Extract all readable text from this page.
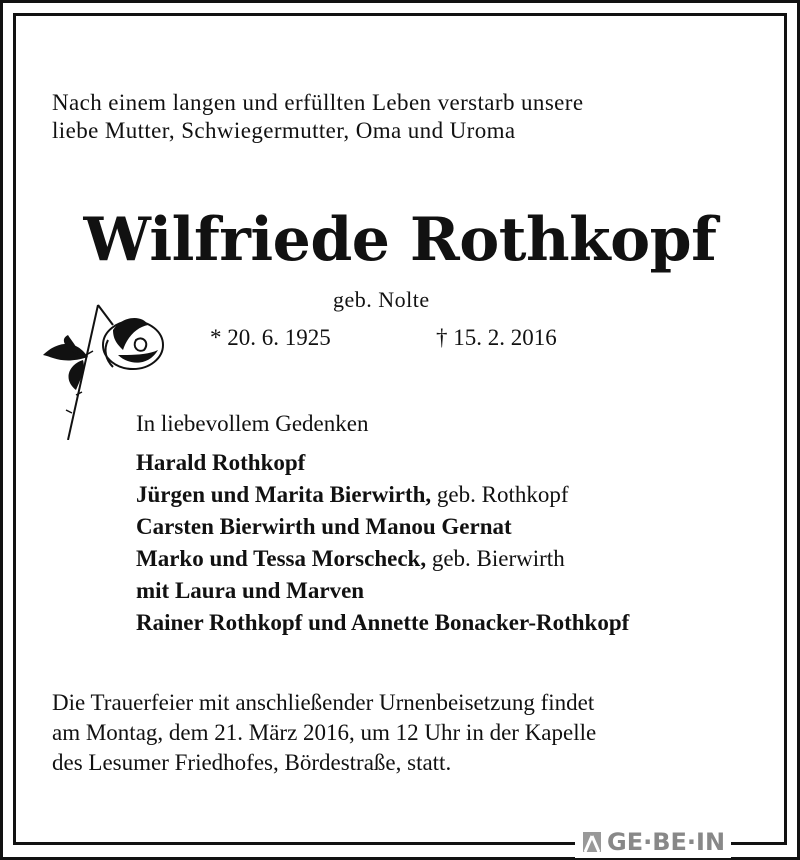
Nach einem langen und erfüllten Leben verstarb unsere
liebe Mutter, Schwiegermutter, Oma und Uroma
Wilfriede Rothkopf
geb. Nolte
* 20. 6. 1925	† 15. 2. 2016
In liebevollem Gedenken
Harald Rothkopf
Jürgen und Marita Bierwirth, geb. Rothkopf
Carsten Bierwirth und Manou Gernat
Marko und Tessa Morscheck, geb. Bierwirth
mit Laura und Marven
Rainer Rothkopf und Annette Bonacker-Rothkopf
Die Trauerfeier mit anschließender Urnenbeisetzung findet
am Montag, dem 21. März 2016, um 12 Uhr in der Kapelle
des Lesumer Friedhofes, Bördestraße, statt.
GE·BE·IN
